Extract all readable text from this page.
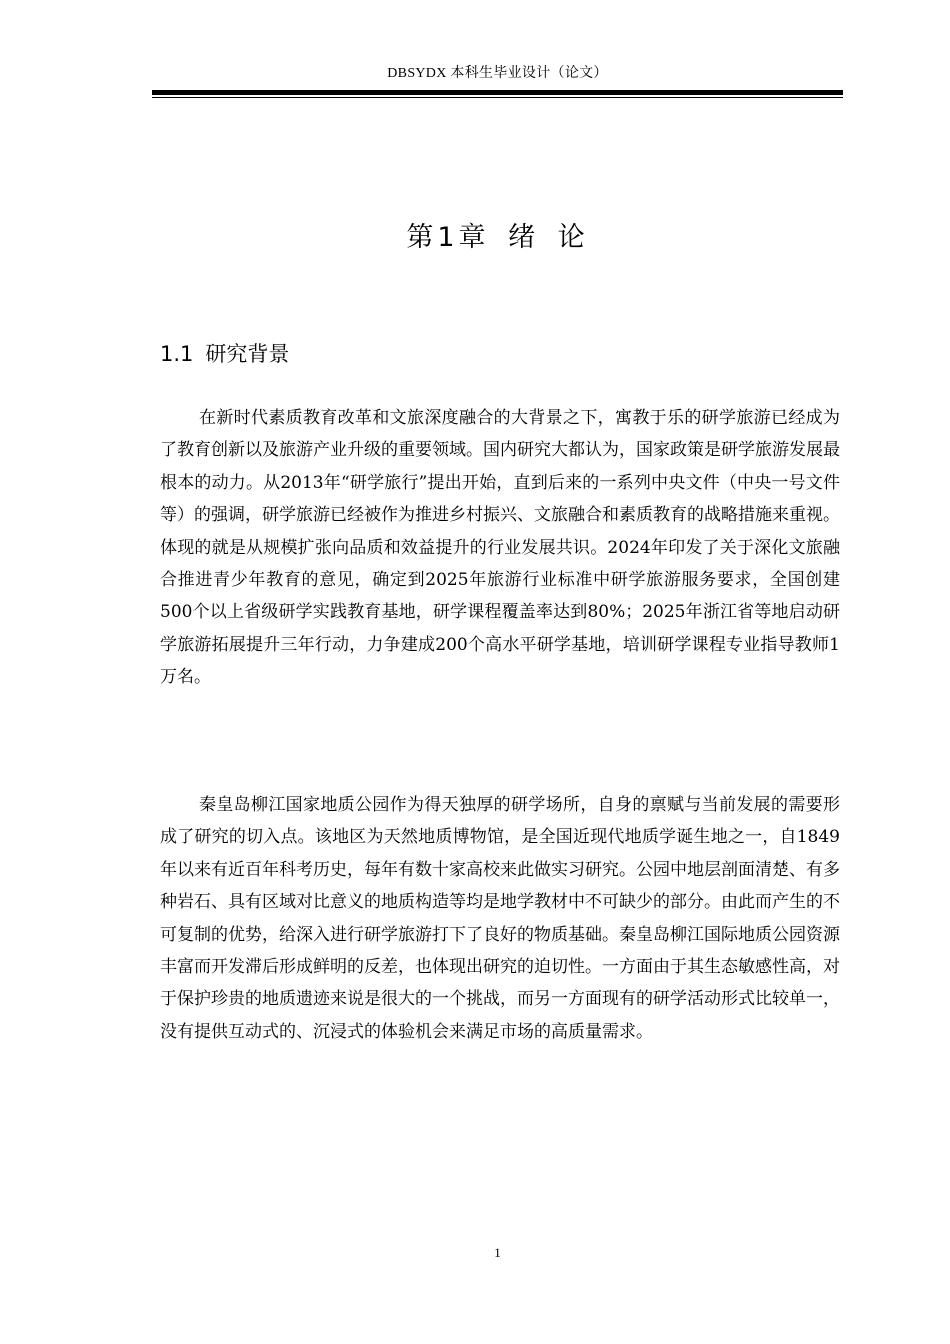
DBSYDX 本科生毕业设计（论文）
第1章 绪 论
1.1 研究背景

在新时代素质教育改革和文旅深度融合的大背景之下，寓教于乐的研学旅游已经成为了教育创新以及旅游产业升级的重要领域。国内研究大都认为，国家政策是研学旅游发展最根本的动力。从2013年“研学旅行”提出开始，直到后来的一系列中央文件（中央一号文件等）的强调，研学旅游已经被作为推进乡村振兴、文旅融合和素质教育的战略措施来重视。体现的就是从规模扩张向品质和效益提升的行业发展共识。2024年印发了关于深化文旅融合推进青少年教育的意见，确定到2025年旅游行业标准中研学旅游服务要求，全国创建500个以上省级研学实践教育基地，研学课程覆盖率达到80%；2025年浙江省等地启动研学旅游拓展提升三年行动，力争建成200个高水平研学基地，培训研学课程专业指导教师1万名。

秦皇岛柳江国家地质公园作为得天独厚的研学场所，自身的禀赋与当前发展的需要形成了研究的切入点。该地区为天然地质博物馆，是全国近现代地质学诞生地之一，自1849年以来有近百年科考历史，每年有数十家高校来此做实习研究。公园中地层剖面清楚、有多种岩石、具有区域对比意义的地质构造等均是地学教材中不可缺少的部分。由此而产生的不可复制的优势，给深入进行研学旅游打下了良好的物质基础。秦皇岛柳江国际地质公园资源丰富而开发滞后形成鲜明的反差，也体现出研究的迫切性。一方面由于其生态敏感性高，对于保护珍贵的地质遗迹来说是很大的一个挑战，而另一方面现有的研学活动形式比较单一，没有提供互动式的、沉浸式的体验机会来满足市场的高质量需求。

1
